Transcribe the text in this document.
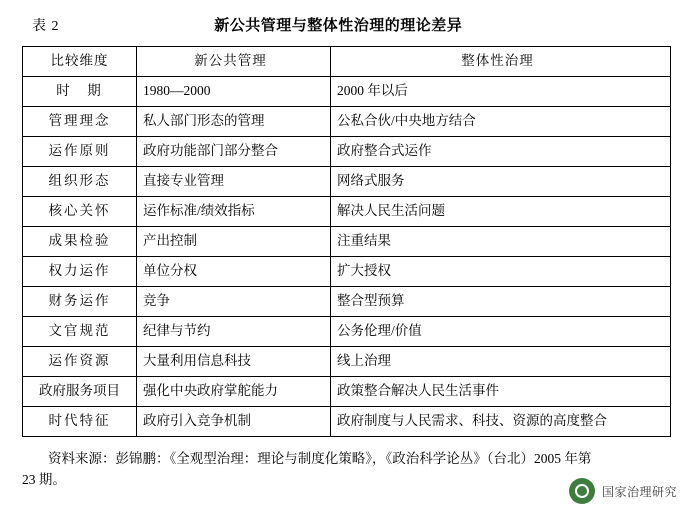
表 2	新公共管理与整体性治理的理论差异
比较维度	新公共管理	整体性治理
时　期	1980—2000	2000 年以后
管理理念	私人部门形态的管理	公私合伙/中央地方结合
运作原则	政府功能部门部分整合	政府整合式运作
组织形态	直接专业管理	网络式服务
核心关怀	运作标准/绩效指标	解决人民生活问题
成果检验	产出控制	注重结果
权力运作	单位分权	扩大授权
财务运作	竞争	整合型预算
文官规范	纪律与节约	公务伦理/价值
运作资源	大量利用信息科技	线上治理
政府服务项目	强化中央政府掌舵能力	政策整合解决人民生活事件
时代特征	政府引入竞争机制	政府制度与人民需求、科技、资源的高度整合
资料来源：彭锦鹏：《全观型治理：理论与制度化策略》，《政治科学论丛》（台北）2005 年第
23 期。
国家治理研究
